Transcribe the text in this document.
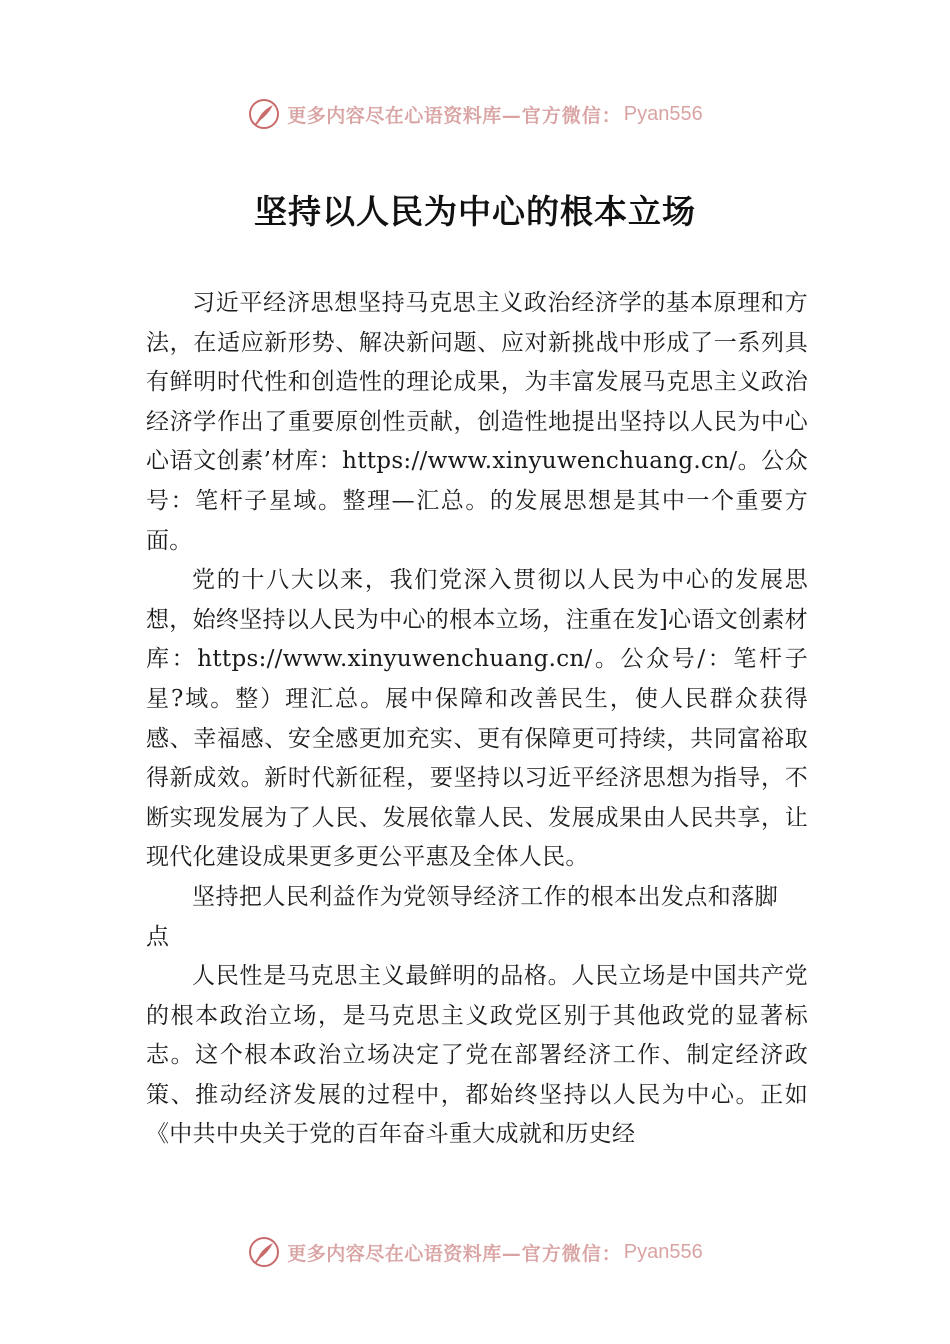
更多内容尽在心语资料库 —官方微信： Pyan556
坚持以人民为中心的根本立场

习近平经济思想坚持马克思主义政治经济学的基本原理和方法，在适应新形势、解决新问题、应对新挑战中形成了一系列具有鲜明时代性和创造性的理论成果，为丰富发展马克思主义政治经济学作出了重要原创性贡献，创造性地提出坚持以人民为中心心语文创素’材库：https://www.xinyuwenchuang.cn/。公众号：笔杆子星域。整理—汇总。的发展思想是其中一个重要方面。

党的十八大以来，我们党深入贯彻以人民为中心的发展思想，始终坚持以人民为中心的根本立场，注重在发]心语文创素材库：https://www.xinyuwenchuang.cn/。公众号/：笔杆子星?域。整）理汇总。展中保障和改善民生，使人民群众获得感、幸福感、安全感更加充实、更有保障更可持续，共同富裕取得新成效。新时代新征程，要坚持以习近平经济思想为指导，不断实现发展为了人民、发展依靠人民、发展成果由人民共享，让现代化建设成果更多更公平惠及全体人民。

坚持把人民利益作为党领导经济工作的根本出发点和落脚点

人民性是马克思主义最鲜明的品格。人民立场是中国共产党的根本政治立场，是马克思主义政党区别于其他政党的显著标志。这个根本政治立场决定了党在部署经济工作、制定经济政策、推动经济发展的过程中，都始终坚持以人民为中心。正如《中共中央关于党的百年奋斗重大成就和历史经

更多内容尽在心语资料库 —官方微信： Pyan556
